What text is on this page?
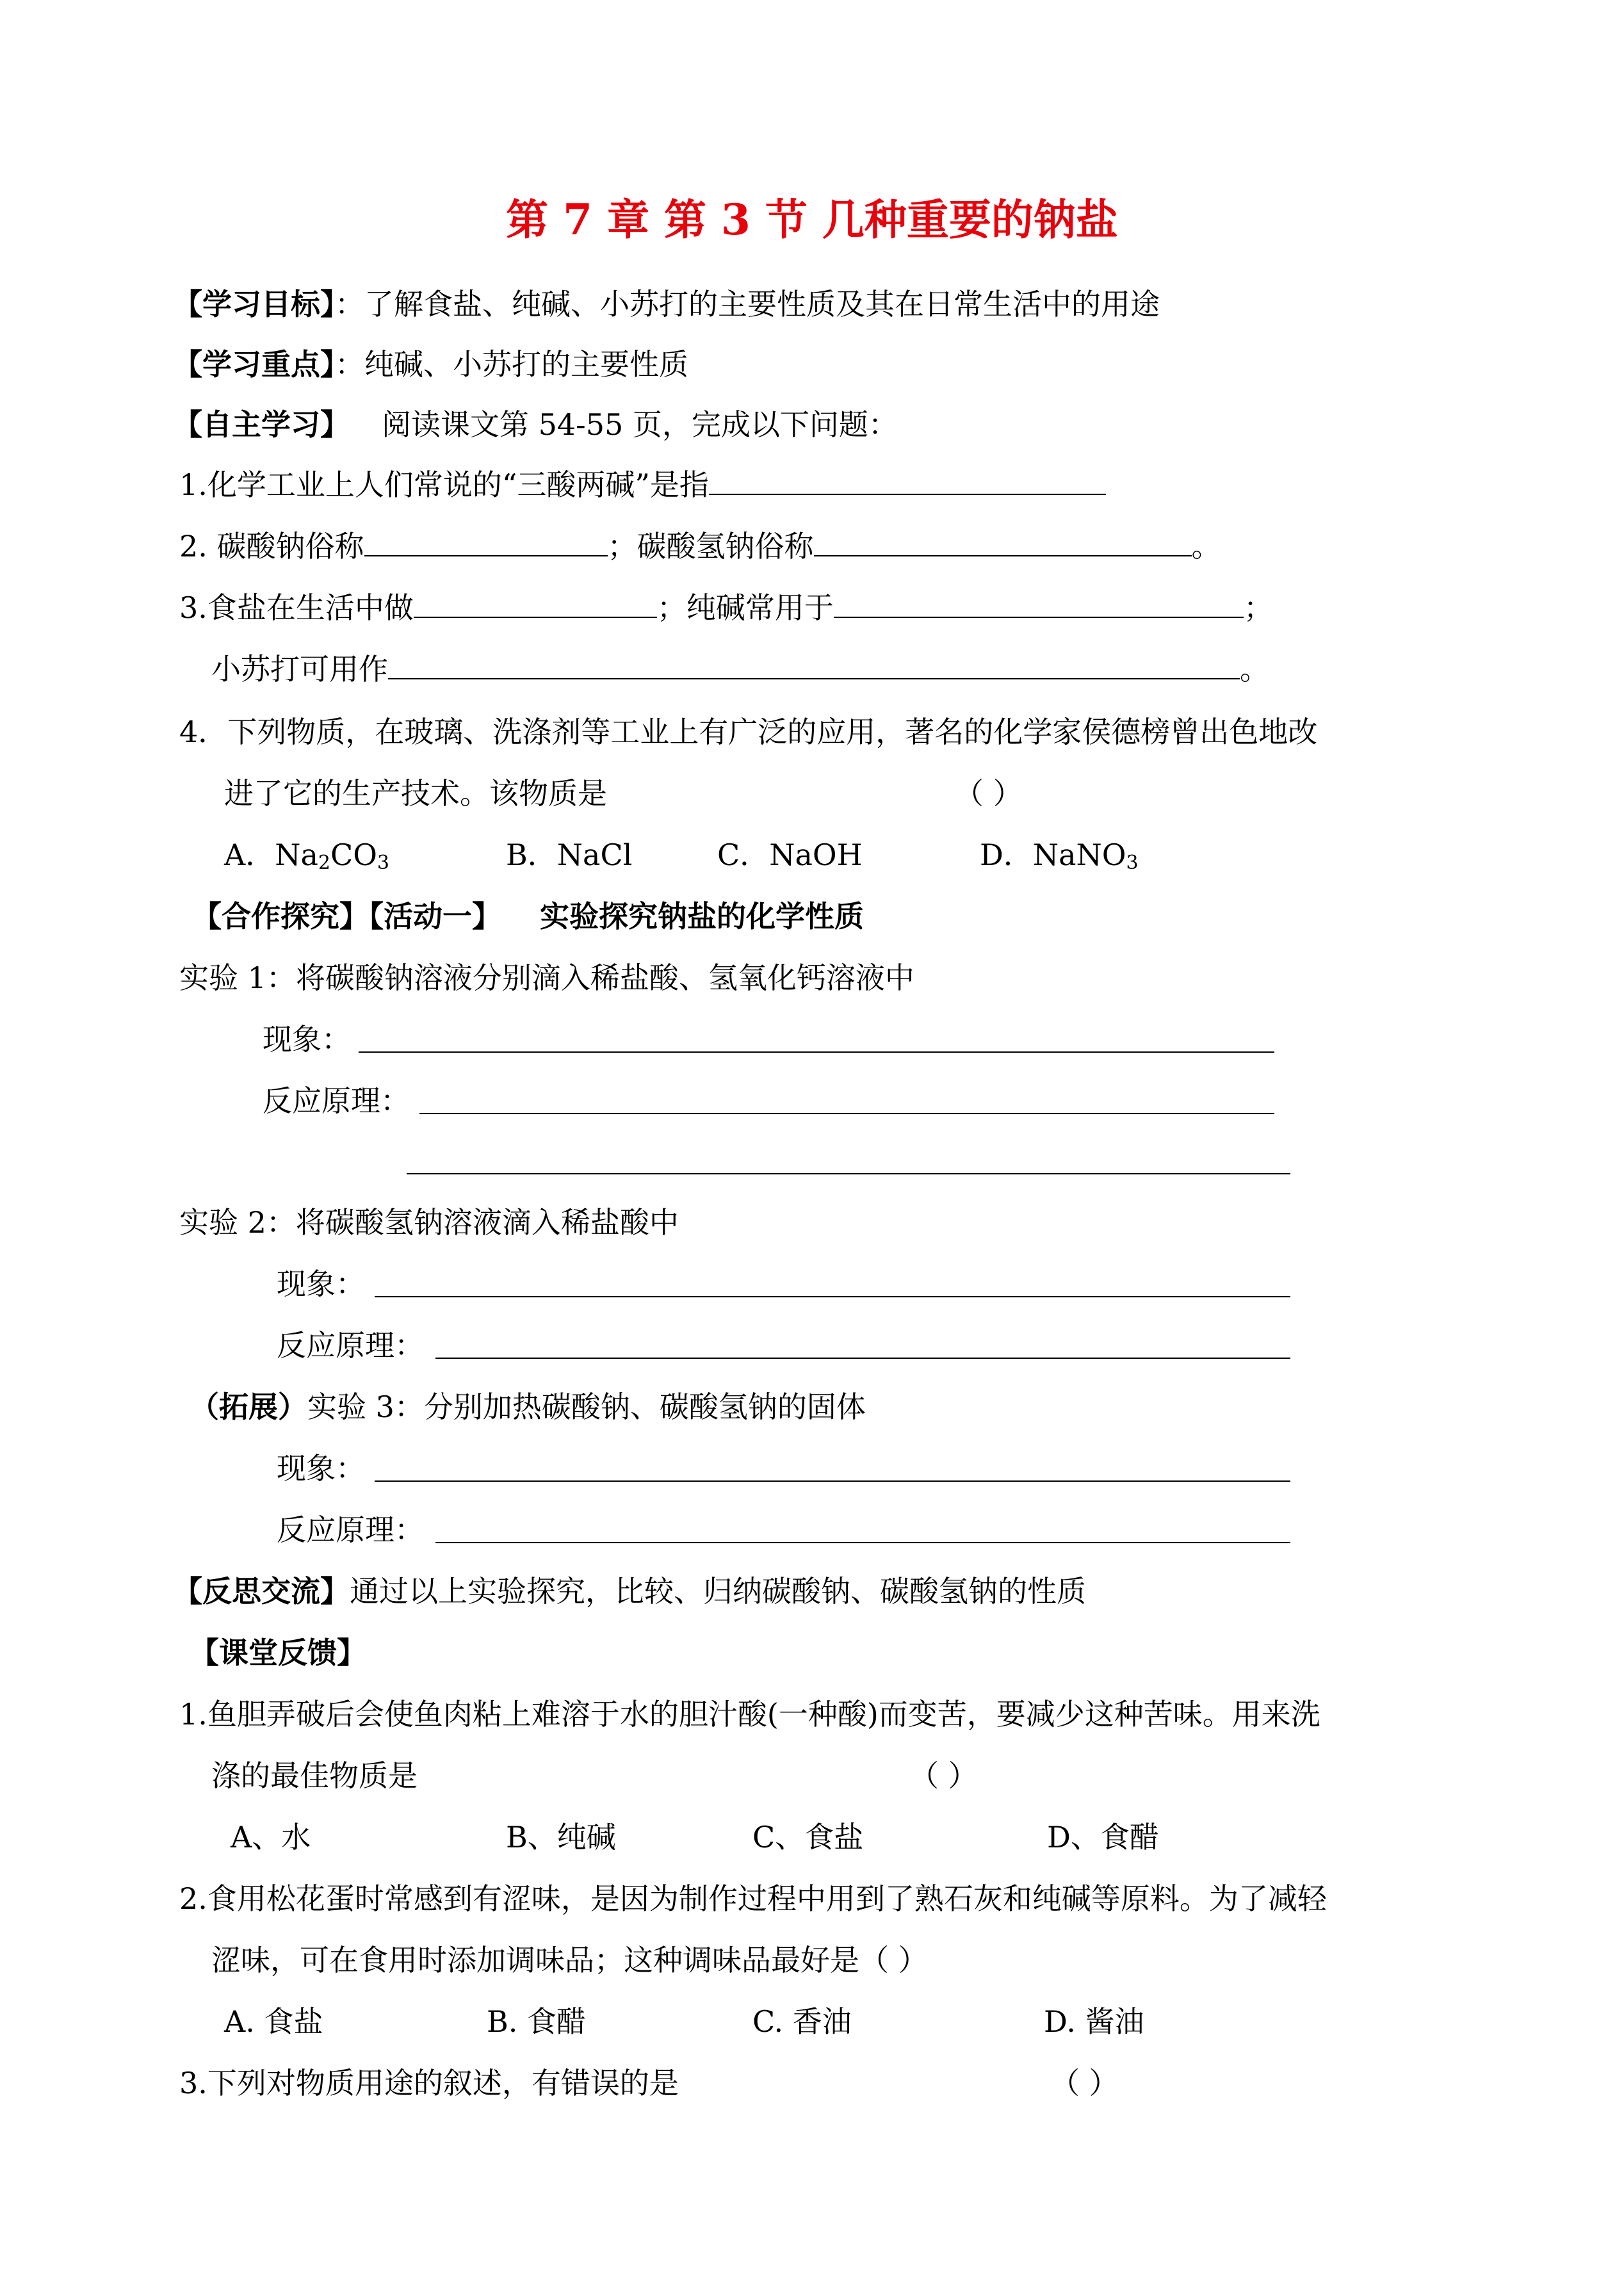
第 7 章 第 3 节 几种重要的钠盐
【学习目标】：了解食盐、纯碱、小苏打的主要性质及其在日常生活中的用途
【学习重点】：纯碱、小苏打的主要性质
【自主学习】 阅读课文第 54-55 页，完成以下问题：
1.化学工业上人们常说的“三酸两碱”是指
2. 碳酸钠俗称	；碳酸氢钠俗称	。
3.食盐在生活中做	；纯碱常用于	；
小苏打可用作	。
4．下列物质，在玻璃、洗涤剂等工业上有广泛的应用，著名的化学家侯德榜曾出色地改
进了它的生产技术。该物质是	（ ）
A．$Na_2CO_3$	B．NaCl	C．NaOH	D．NaNO$_3$
【合作探究】【活动一】 实验探究钠盐的化学性质
实验 1：将碳酸钠溶液分别滴入稀盐酸、氢氧化钙溶液中
现象：
反应原理：
实验 2：将碳酸氢钠溶液滴入稀盐酸中
现象：
反应原理：
（拓展）实验 3：分别加热碳酸钠、碳酸氢钠的固体
现象：
反应原理：
【反思交流】通过以上实验探究，比较、归纳碳酸钠、碳酸氢钠的性质
【课堂反馈】
1.鱼胆弄破后会使鱼肉粘上难溶于水的胆汁酸(一种酸)而变苦，要减少这种苦味。用来洗
涤的最佳物质是	（ ）
A、水	B、纯碱	C、食盐	D、食醋
2.食用松花蛋时常感到有涩味，是因为制作过程中用到了熟石灰和纯碱等原料。为了减轻
涩味，可在食用时添加调味品；这种调味品最好是（ ）
A. 食盐	B. 食醋	C. 香油	D. 酱油
3.下列对物质用途的叙述，有错误的是	（ ）
